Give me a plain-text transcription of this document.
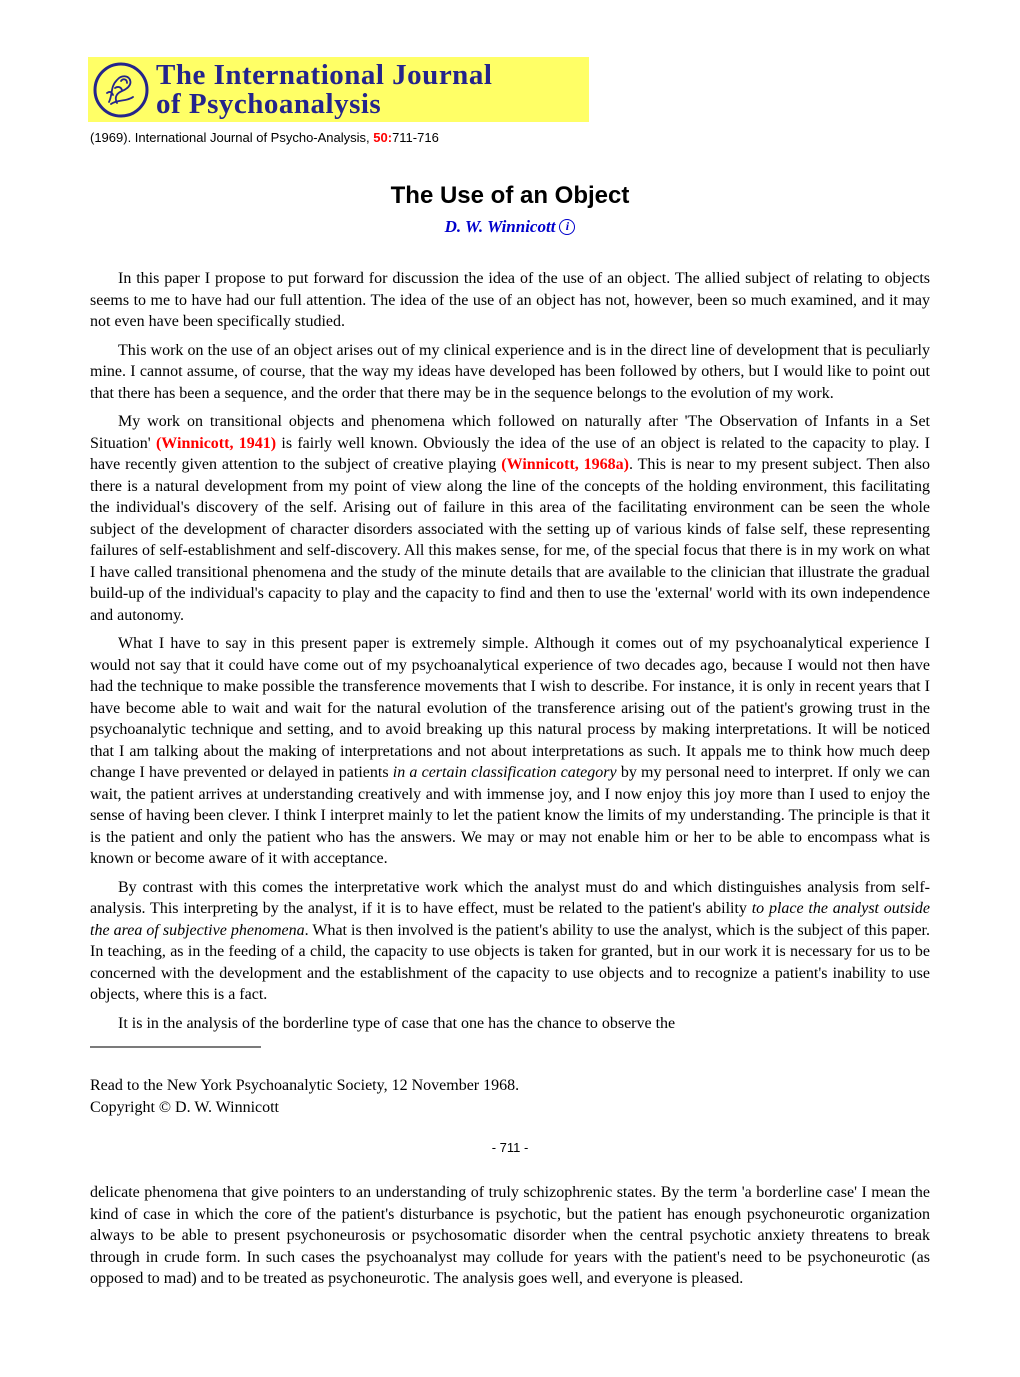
The International Journal
of Psychoanalysis
(1969). International Journal of Psycho-Analysis, 50:711-716
The Use of an Object
D. W. Winnicott i

In this paper I propose to put forward for discussion the idea of the use of an object. The allied subject of relating to objects seems to me to have had our full attention. The idea of the use of an object has not, however, been so much examined, and it may not even have been specifically studied.

This work on the use of an object arises out of my clinical experience and is in the direct line of development that is peculiarly mine. I cannot assume, of course, that the way my ideas have developed has been followed by others, but I would like to point out that there has been a sequence, and the order that there may be in the sequence belongs to the evolution of my work.

My work on transitional objects and phenomena which followed on naturally after 'The Observation of Infants in a Set Situation' (Winnicott, 1941) is fairly well known. Obviously the idea of the use of an object is related to the capacity to play. I have recently given attention to the subject of creative playing (Winnicott, 1968a). This is near to my present subject. Then also there is a natural development from my point of view along the line of the concepts of the holding environment, this facilitating the individual's discovery of the self. Arising out of failure in this area of the facilitating environment can be seen the whole subject of the development of character disorders associated with the setting up of various kinds of false self, these representing failures of self-establishment and self-discovery. All this makes sense, for me, of the special focus that there is in my work on what I have called transitional phenomena and the study of the minute details that are available to the clinician that illustrate the gradual build-up of the individual's capacity to play and the capacity to find and then to use the 'external' world with its own independence and autonomy.

What I have to say in this present paper is extremely simple. Although it comes out of my psychoanalytical experience I would not say that it could have come out of my psychoanalytical experience of two decades ago, because I would not then have had the technique to make possible the transference movements that I wish to describe. For instance, it is only in recent years that I have become able to wait and wait for the natural evolution of the transference arising out of the patient's growing trust in the psychoanalytic technique and setting, and to avoid breaking up this natural process by making interpretations. It will be noticed that I am talking about the making of interpretations and not about interpretations as such. It appals me to think how much deep change I have prevented or delayed in patients in a certain classification category by my personal need to interpret. If only we can wait, the patient arrives at understanding creatively and with immense joy, and I now enjoy this joy more than I used to enjoy the sense of having been clever. I think I interpret mainly to let the patient know the limits of my understanding. The principle is that it is the patient and only the patient who has the answers. We may or may not enable him or her to be able to encompass what is known or become aware of it with acceptance.

By contrast with this comes the interpretative work which the analyst must do and which distinguishes analysis from self-analysis. This interpreting by the analyst, if it is to have effect, must be related to the patient's ability to place the analyst outside the area of subjective phenomena. What is then involved is the patient's ability to use the analyst, which is the subject of this paper. In teaching, as in the feeding of a child, the capacity to use objects is taken for granted, but in our work it is necessary for us to be concerned with the development and the establishment of the capacity to use objects and to recognize a patient's inability to use objects, where this is a fact.

It is in the analysis of the borderline type of case that one has the chance to observe the

Read to the New York Psychoanalytic Society, 12 November 1968.
Copyright © D. W. Winnicott
- 711 -

delicate phenomena that give pointers to an understanding of truly schizophrenic states. By the term 'a borderline case' I mean the kind of case in which the core of the patient's disturbance is psychotic, but the patient has enough psychoneurotic organization always to be able to present psychoneurosis or psychosomatic disorder when the central psychotic anxiety threatens to break through in crude form. In such cases the psychoanalyst may collude for years with the patient's need to be psychoneurotic (as opposed to mad) and to be treated as psychoneurotic. The analysis goes well, and everyone is pleased.
